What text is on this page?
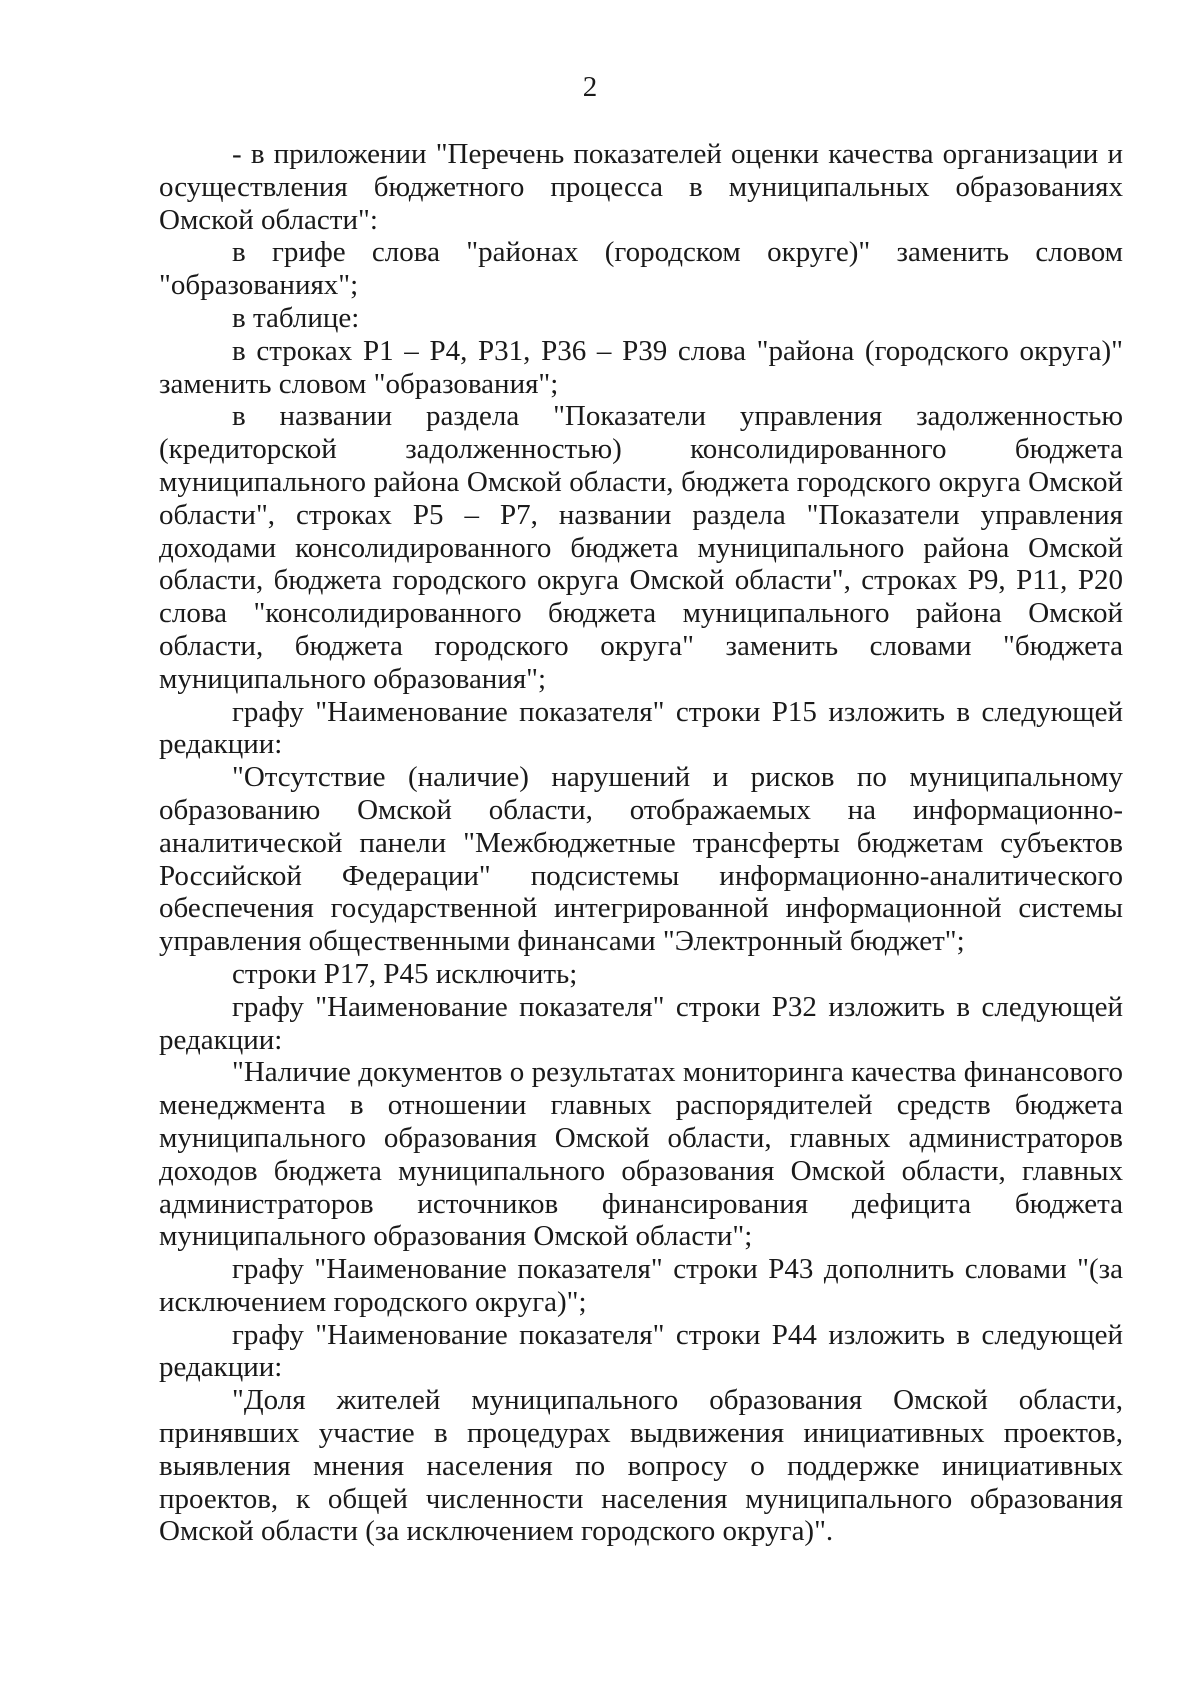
2

- в приложении "Перечень показателей оценки качества организации и осуществления бюджетного процесса в муниципальных образованиях Омской области":

в грифе слова "районах (городском округе)" заменить словом "образованиях";

в таблице:

в строках Р1 – Р4, Р31, Р36 – Р39 слова "района (городского округа)" заменить словом "образования";

в названии раздела "Показатели управления задолженностью (кредиторской задолженностью) консолидированного бюджета муниципального района Омской области, бюджета городского округа Омской области", строках Р5 – Р7, названии раздела "Показатели управления доходами консолидированного бюджета муниципального района Омской области, бюджета городского округа Омской области", строках Р9, Р11, Р20 слова "консолидированного бюджета муниципального района Омской области, бюджета городского округа" заменить словами "бюджета муниципального образования";

графу "Наименование показателя" строки Р15 изложить в следующей редакции:

"Отсутствие (наличие) нарушений и рисков по муниципальному образованию Омской области, отображаемых на информационно-аналитической панели "Межбюджетные трансферты бюджетам субъектов Российской Федерации" подсистемы информационно-аналитического обеспечения государственной интегрированной информационной системы управления общественными финансами "Электронный бюджет";

строки Р17, Р45 исключить;

графу "Наименование показателя" строки Р32 изложить в следующей редакции:

"Наличие документов о результатах мониторинга качества финансового менеджмента в отношении главных распорядителей средств бюджета муниципального образования Омской области, главных администраторов доходов бюджета муниципального образования Омской области, главных администраторов источников финансирования дефицита бюджета муниципального образования Омской области";

графу "Наименование показателя" строки Р43 дополнить словами "(за исключением городского округа)";

графу "Наименование показателя" строки Р44 изложить в следующей редакции:

"Доля жителей муниципального образования Омской области, принявших участие в процедурах выдвижения инициативных проектов, выявления мнения населения по вопросу о поддержке инициативных проектов, к общей численности населения муниципального образования Омской области (за исключением городского округа)".
